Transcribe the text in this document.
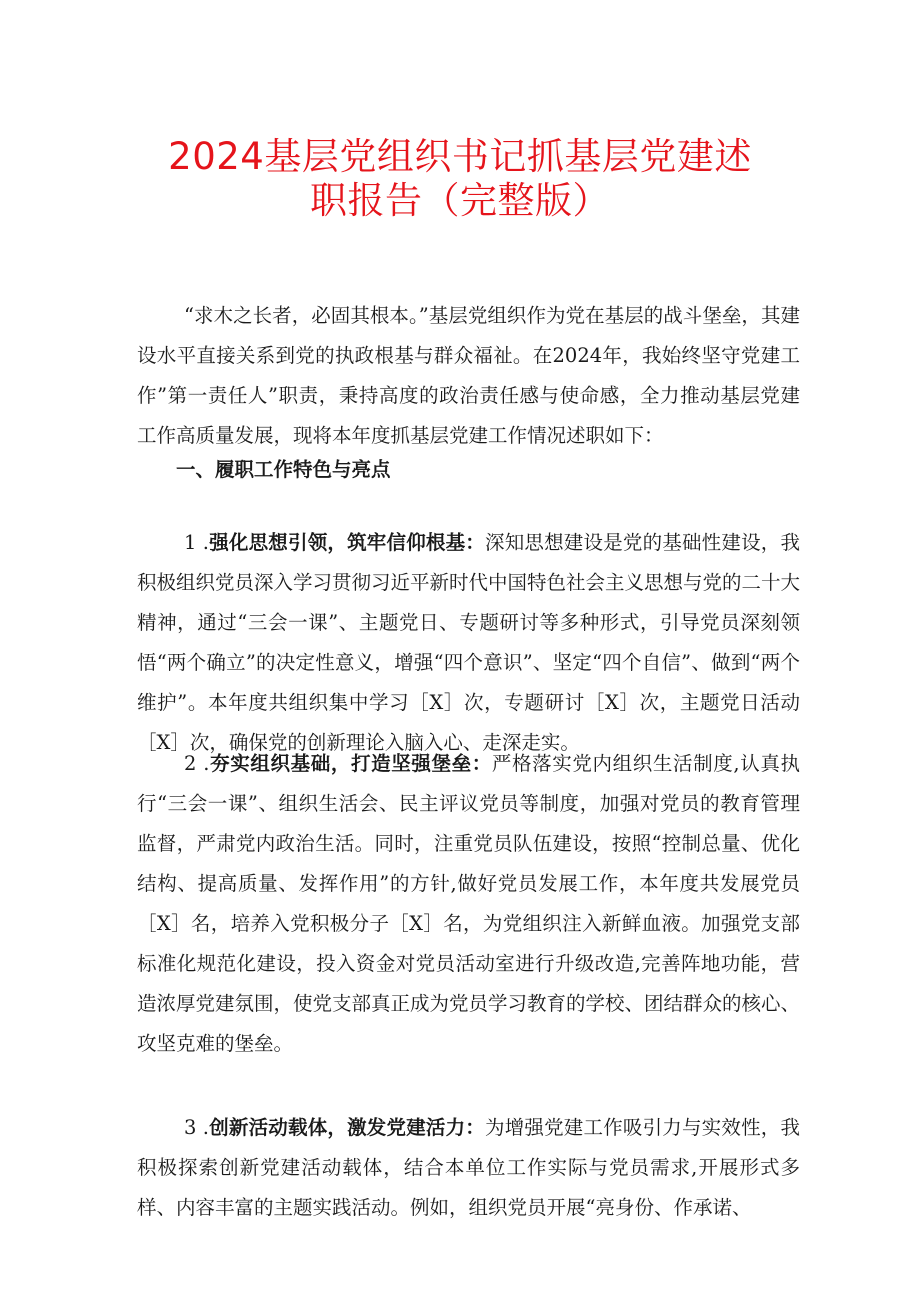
2024基层党组织书记抓基层党建述
职报告（完整版）

“求木之长者，必固其根本。”基层党组织作为党在基层的战斗堡垒，其建设水平直接关系到党的执政根基与群众福祉。在2024年，我始终坚守党建工作”第一责任人”职责，秉持高度的政治责任感与使命感，全力推动基层党建工作高质量发展，现将本年度抓基层党建工作情况述职如下：

一、履职工作特色与亮点

1 .强化思想引领，筑牢信仰根基：深知思想建设是党的基础性建设，我积极组织党员深入学习贯彻习近平新时代中国特色社会主义思想与党的二十大精神，通过“三会一课”、主题党日、专题研讨等多种形式，引导党员深刻领悟“两个确立”的决定性意义，增强“四个意识”、坚定“四个自信”、做到“两个维护”。本年度共组织集中学习［X］次，专题研讨［X］次，主题党日活动［X］次，确保党的创新理论入脑入心、走深走实。

2 .夯实组织基础，打造坚强堡垒：严格落实党内组织生活制度,认真执行“三会一课”、组织生活会、民主评议党员等制度，加强对党员的教育管理监督，严肃党内政治生活。同时，注重党员队伍建设，按照“控制总量、优化结构、提高质量、发挥作用”的方针,做好党员发展工作，本年度共发展党员［X］名，培养入党积极分子［X］名，为党组织注入新鲜血液。加强党支部标准化规范化建设，投入资金对党员活动室进行升级改造,完善阵地功能，营造浓厚党建氛围，使党支部真正成为党员学习教育的学校、团结群众的核心、攻坚克难的堡垒。

3 .创新活动载体，激发党建活力：为增强党建工作吸引力与实效性，我积极探索创新党建活动载体，结合本单位工作实际与党员需求,开展形式多样、内容丰富的主题实践活动。例如，组织党员开展“亮身份、作承诺、
